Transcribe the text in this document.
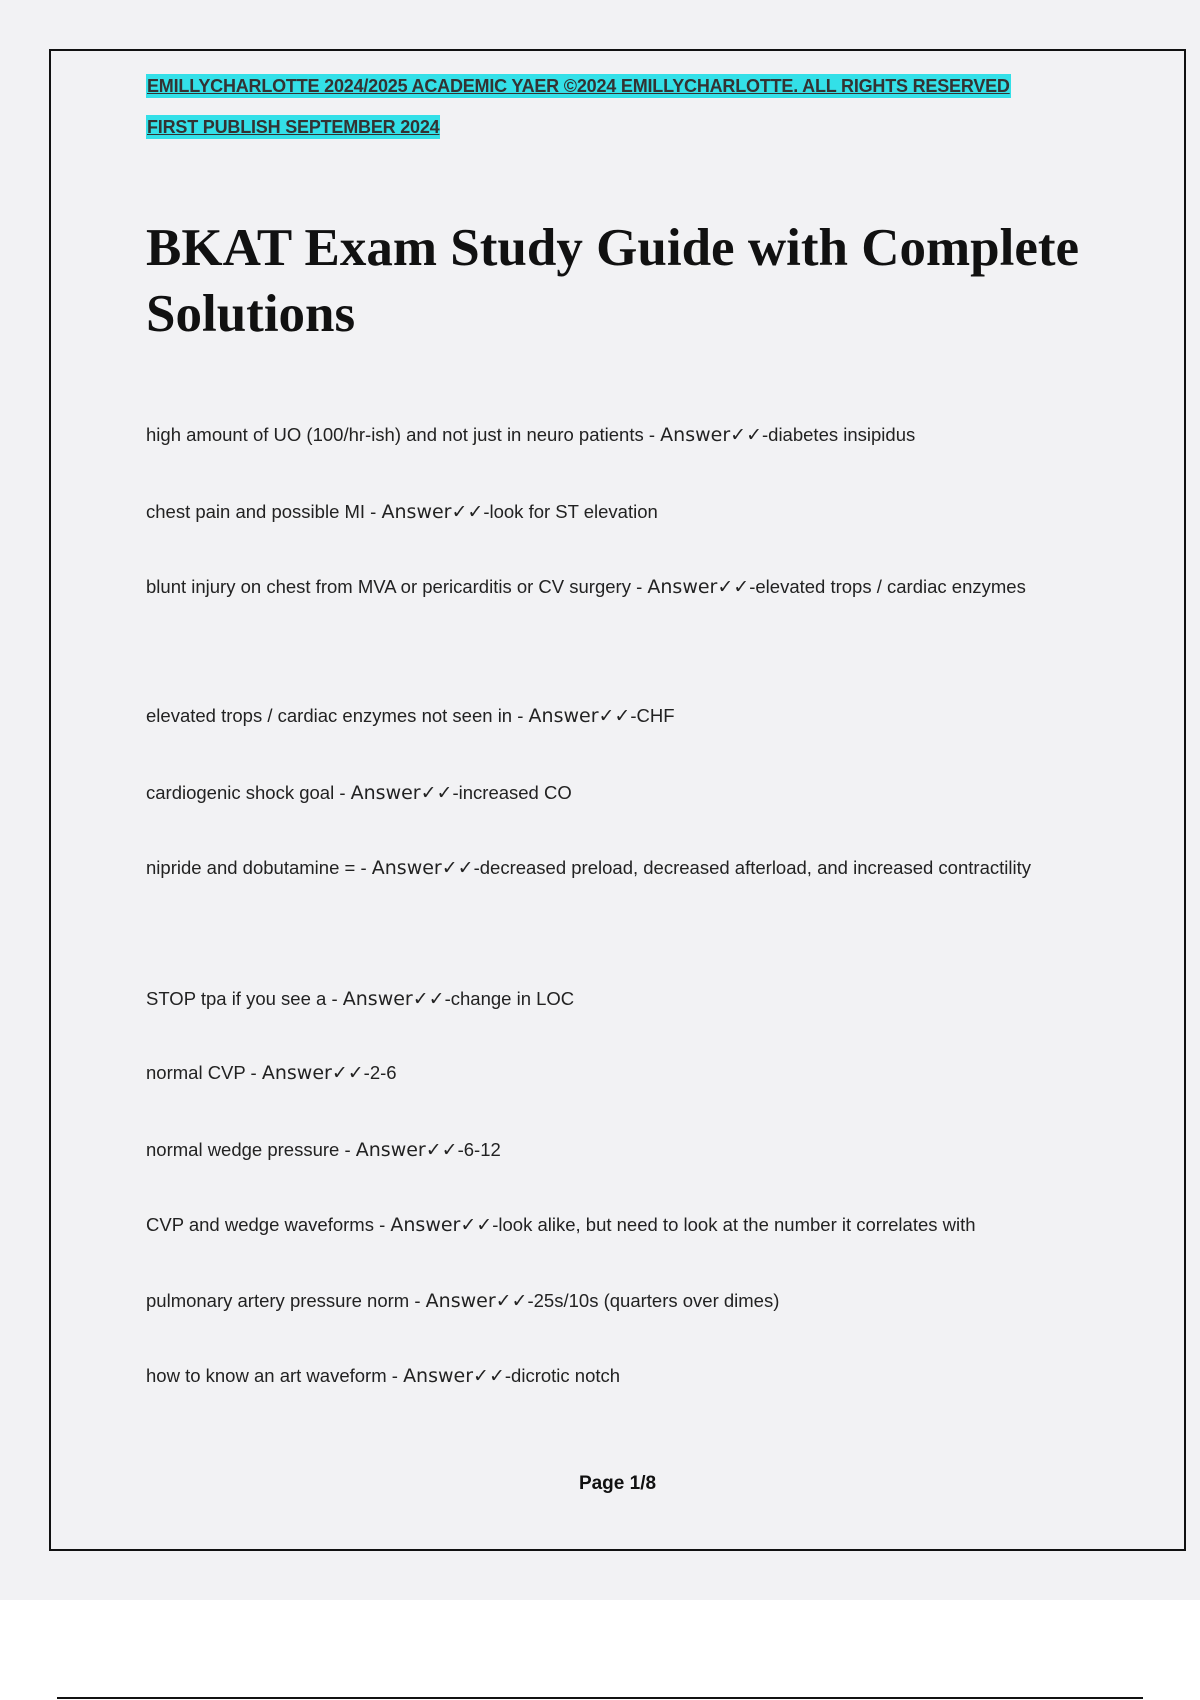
EMILLYCHARLOTTE 2024/2025 ACADEMIC YAER ©2024 EMILLYCHARLOTTE. ALL RIGHTS RESERVED
FIRST PUBLISH SEPTEMBER 2024
BKAT Exam Study Guide with Complete Solutions

high amount of UO (100/hr-ish) and not just in neuro patients - Answer✓✓-diabetes insipidus

chest pain and possible MI - Answer✓✓-look for ST elevation

blunt injury on chest from MVA or pericarditis or CV surgery - Answer✓✓-elevated trops / cardiac enzymes

elevated trops / cardiac enzymes not seen in - Answer✓✓-CHF

cardiogenic shock goal - Answer✓✓-increased CO

nipride and dobutamine = - Answer✓✓-decreased preload, decreased afterload, and increased contractility

STOP tpa if you see a - Answer✓✓-change in LOC

normal CVP - Answer✓✓-2-6

normal wedge pressure - Answer✓✓-6-12

CVP and wedge waveforms - Answer✓✓-look alike, but need to look at the number it correlates with

pulmonary artery pressure norm - Answer✓✓-25s/10s (quarters over dimes)

how to know an art waveform - Answer✓✓-dicrotic notch

Page 1/8
